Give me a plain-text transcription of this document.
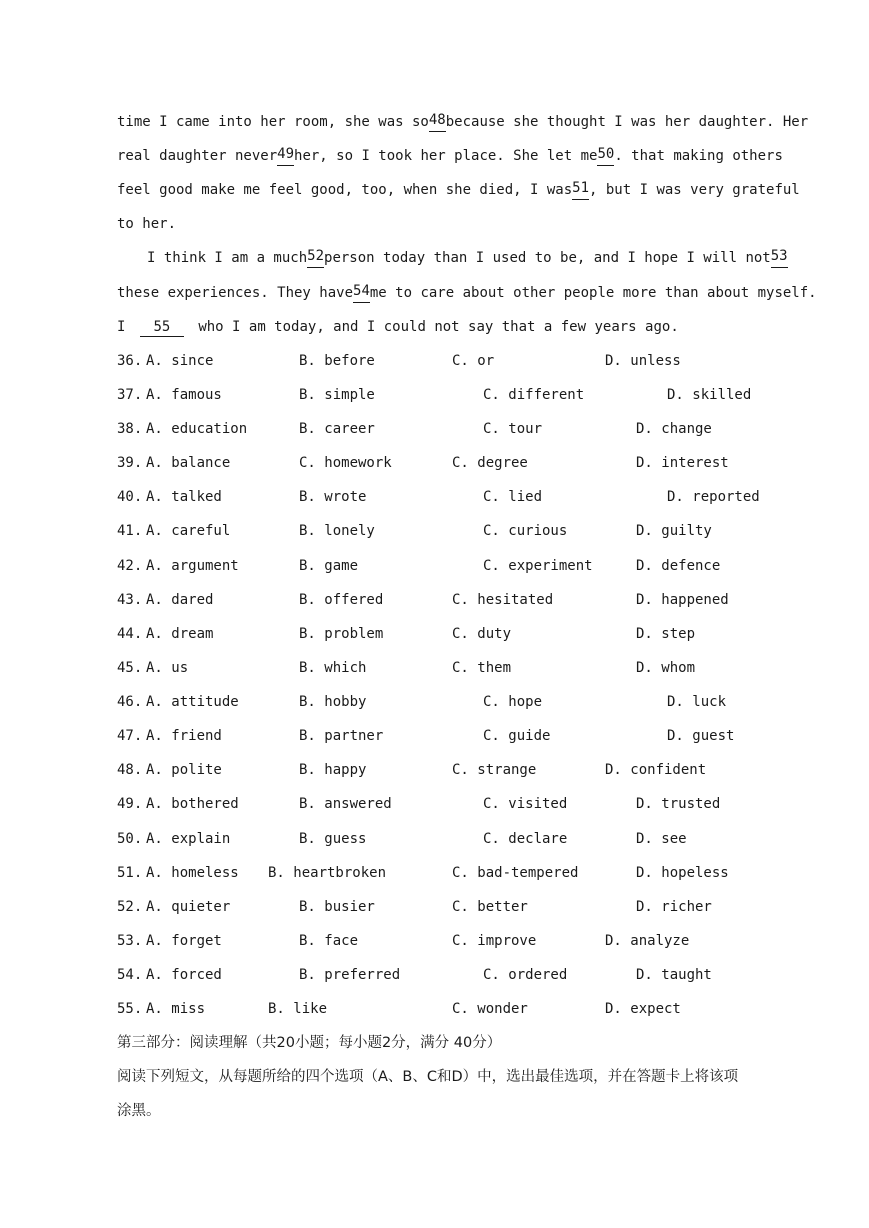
time I came into her room, she was so 48 because she thought I was her daughter. Her
real daughter never 49 her, so I took her place. She let me 50 . that making others
feel good make me feel good, too, when she died, I was 51 , but I was very grateful
to her.
I think I am a much 52 person today than I used to be, and I hope I will not 53
these experiences. They have 54 me to care about other people more than about myself.
I 55 who I am today, and I could not say that a few years ago.
36. A. since	B. before	C. or	D. unless
37. A. famous	B. simple	C. different	D. skilled
38. A. education	B. career	C. tour	D. change
39. A. balance	C. homework	C. degree	D. interest
40. A. talked	B. wrote	C. lied	D. reported
41. A. careful	B. lonely	C. curious	D. guilty
42. A. argument	B. game	C. experiment	D. defence
43. A. dared	B. offered	C. hesitated	D. happened
44. A. dream	B. problem	C. duty	D. step
45. A. us	B. which	C. them	D. whom
46. A. attitude	B. hobby	C. hope	D. luck
47. A. friend	B. partner	C. guide	D. guest
48. A. polite	B. happy	C. strange	D. confident
49. A. bothered	B. answered	C. visited	D. trusted
50. A. explain	B. guess	C. declare	D. see
51. A. homeless B. heartbroken	C. bad-tempered	D. hopeless
52. A. quieter	B. busier	C. better	D. richer
53. A. forget	B. face	C. improve	D. analyze
54. A. forced	B. preferred	C. ordered	D. taught
55. A. miss	B. like	C. wonder	D. expect
第三部分：阅读理解（共20小题；每小题2分，满分 40分）
阅读下列短文，从每题所给的四个选项（A、B、C和D）中，选出最佳选项，并在答题卡上将该项
涂黑。
